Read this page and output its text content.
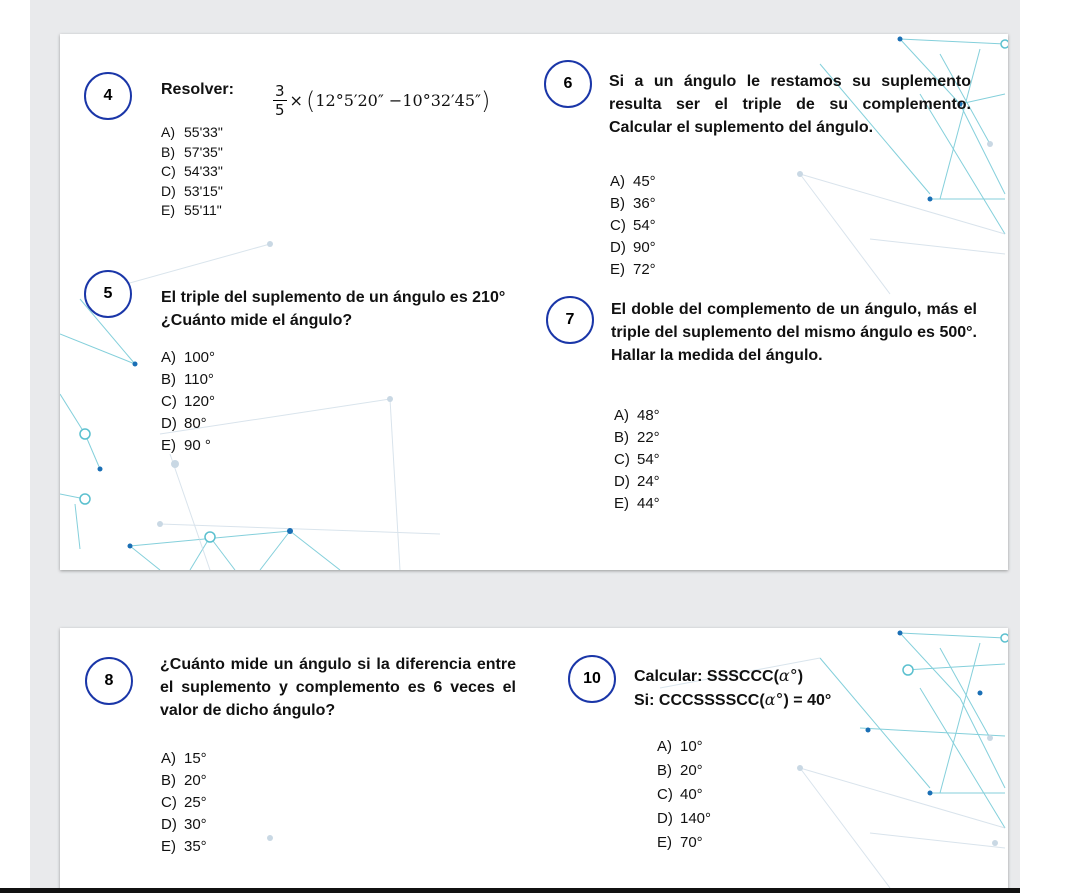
4	Resolver:	$\frac{3}{5}$ × ( 12°5′20″ −10°32′45″ )
A) 55'33"
B) 57'35"
C) 54'33"
D) 53'15"
E) 55'11"
6	Si a un ángulo le restamos su suplemento resulta ser el triple de su complemento. Calcular el suplemento del ángulo.
A) 45°
B) 36°
C) 54°
D) 90°
E) 72°
5	El triple del suplemento de un ángulo es 210° ¿Cuánto mide el ángulo?
A) 100°
B) 110°
C) 120°
D) 80°
E) 90 °
7
El doble del complemento de un ángulo, más el triple del suplemento del mismo ángulo es 500°. Hallar la medida del ángulo.
A) 48°
B) 22°
C) 54°
D) 24°
E) 44°
8
¿Cuánto mide un ángulo si la diferencia entre el suplemento y complemento es 6 veces el valor de dicho ángulo?
A) 15°
B) 20°
C) 25°
D) 30°
E) 35°
10	Calcular: SSSCCC(α°)
Si: CCCSSSSCC(α°) = 40°
A) 10°
B) 20°
C) 40°
D) 140°
E) 70°
